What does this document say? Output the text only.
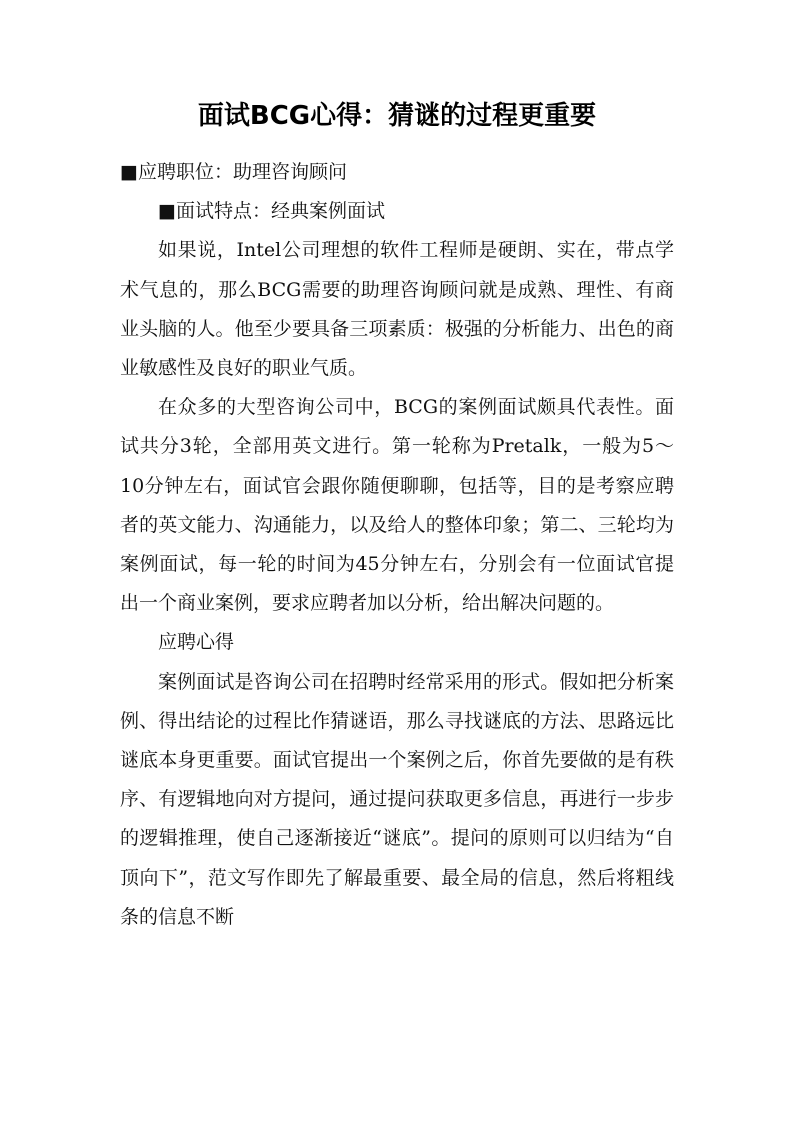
面试BCG心得：猜谜的过程更重要

■应聘职位：助理咨询顾问

■面试特点：经典案例面试

如果说，Intel公司理想的软件工程师是硬朗、实在，带点学术气息的，那么BCG需要的助理咨询顾问就是成熟、理性、有商业头脑的人。他至少要具备三项素质：极强的分析能力、出色的商业敏感性及良好的职业气质。

在众多的大型咨询公司中，BCG的案例面试颇具代表性。面试共分3轮，全部用英文进行。第一轮称为Pretalk，一般为5～10分钟左右，面试官会跟你随便聊聊，包括等，目的是考察应聘者的英文能力、沟通能力，以及给人的整体印象；第二、三轮均为案例面试，每一轮的时间为45分钟左右，分别会有一位面试官提出一个商业案例，要求应聘者加以分析，给出解决问题的。

应聘心得

案例面试是咨询公司在招聘时经常采用的形式。假如把分析案例、得出结论的过程比作猜谜语，那么寻找谜底的方法、思路远比谜底本身更重要。面试官提出一个案例之后，你首先要做的是有秩序、有逻辑地向对方提问，通过提问获取更多信息，再进行一步步的逻辑推理，使自己逐渐接近“谜底”。提问的原则可以归结为“自顶向下”，范文写作即先了解最重要、最全局的信息，然后将粗线条的信息不断
